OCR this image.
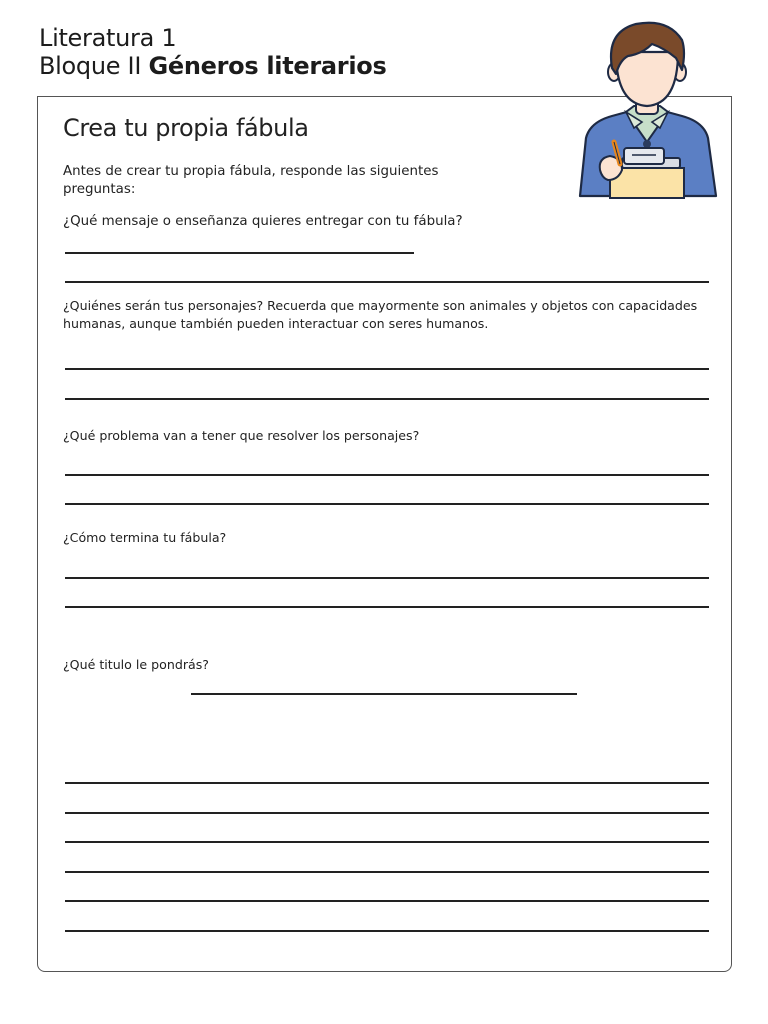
Literatura 1
Bloque II Géneros literarios
Crea tu propia fábula
Antes de crear tu propia fábula, responde las siguientes preguntas:
¿Qué mensaje o enseñanza quieres entregar con tu fábula?
¿Quiénes serán tus personajes? Recuerda que mayormente son animales y objetos con capacidades humanas, aunque también pueden interactuar con seres humanos.
¿Qué problema van a tener que resolver los personajes?
¿Cómo termina tu fábula?
¿Qué titulo le pondrás?
